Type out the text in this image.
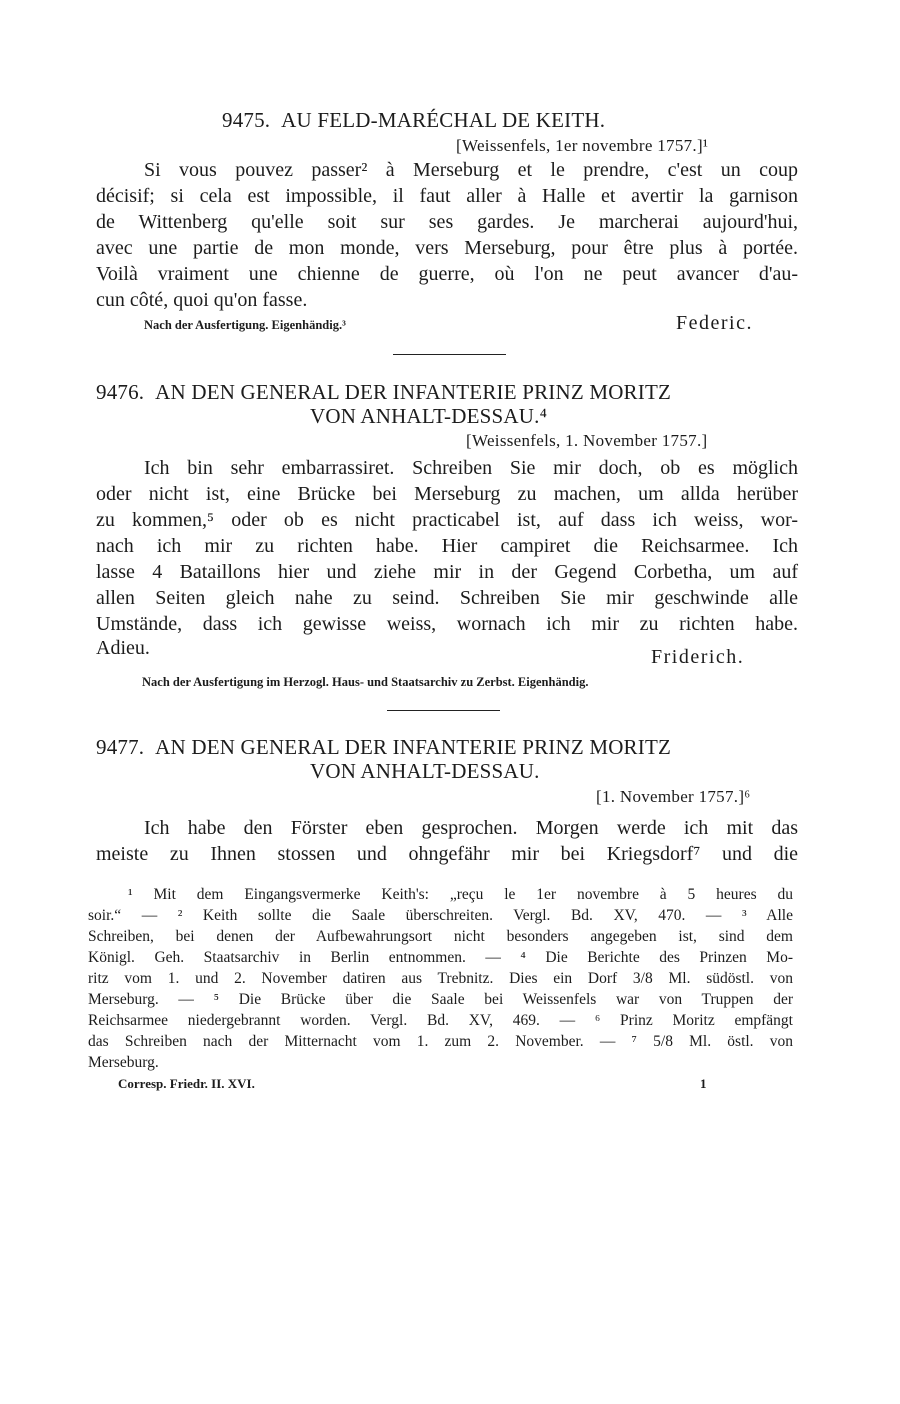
9475. AU FELD-MARÉCHAL DE KEITH.
[Weissenfels, 1er novembre 1757.]¹
Si vous pouvez passer² à Merseburg et le prendre, c'est un coup
décisif; si cela est impossible, il faut aller à Halle et avertir la garnison
de Wittenberg qu'elle soit sur ses gardes. Je marcherai aujourd'hui,
avec une partie de mon monde, vers Merseburg, pour être plus à portée.
Voilà vraiment une chienne de guerre, où l'on ne peut avancer d'au-
cun côté, quoi qu'on fasse.
Nach der Ausfertigung. Eigenhändig.³	Federic.
9476. AN DEN GENERAL DER INFANTERIE PRINZ MORITZ
VON ANHALT-DESSAU.⁴
[Weissenfels, 1. November 1757.]
Ich bin sehr embarrassiret. Schreiben Sie mir doch, ob es möglich
oder nicht ist, eine Brücke bei Merseburg zu machen, um allda herüber
zu kommen,⁵ oder ob es nicht practicabel ist, auf dass ich weiss, wor-
nach ich mir zu richten habe. Hier campiret die Reichsarmee. Ich
lasse 4 Bataillons hier und ziehe mir in der Gegend Corbetha, um auf
allen Seiten gleich nahe zu seind. Schreiben Sie mir geschwinde alle
Umstände, dass ich gewisse weiss, wornach ich mir zu richten habe.
Adieu.	Friderich.
Nach der Ausfertigung im Herzogl. Haus- und Staatsarchiv zu Zerbst. Eigenhändig.
9477. AN DEN GENERAL DER INFANTERIE PRINZ MORITZ
VON ANHALT-DESSAU.
[1. November 1757.]⁶
Ich habe den Förster eben gesprochen. Morgen werde ich mit das
meiste zu Ihnen stossen und ohngefähr mir bei Kriegsdorf⁷ und die
¹ Mit dem Eingangsvermerke Keith's: „reçu le 1er novembre à 5 heures du
soir.“ — ² Keith sollte die Saale überschreiten. Vergl. Bd. XV, 470. — ³ Alle
Schreiben, bei denen der Aufbewahrungsort nicht besonders angegeben ist, sind dem
Königl. Geh. Staatsarchiv in Berlin entnommen. — ⁴ Die Berichte des Prinzen Mo-
ritz vom 1. und 2. November datiren aus Trebnitz. Dies ein Dorf 3/8 Ml. südöstl. von
Merseburg. — ⁵ Die Brücke über die Saale bei Weissenfels war von Truppen der
Reichsarmee niedergebrannt worden. Vergl. Bd. XV, 469. — ⁶ Prinz Moritz empfängt
das Schreiben nach der Mitternacht vom 1. zum 2. November. — ⁷ 5/8 Ml. östl. von
Merseburg.
Corresp. Friedr. II. XVI.	1
